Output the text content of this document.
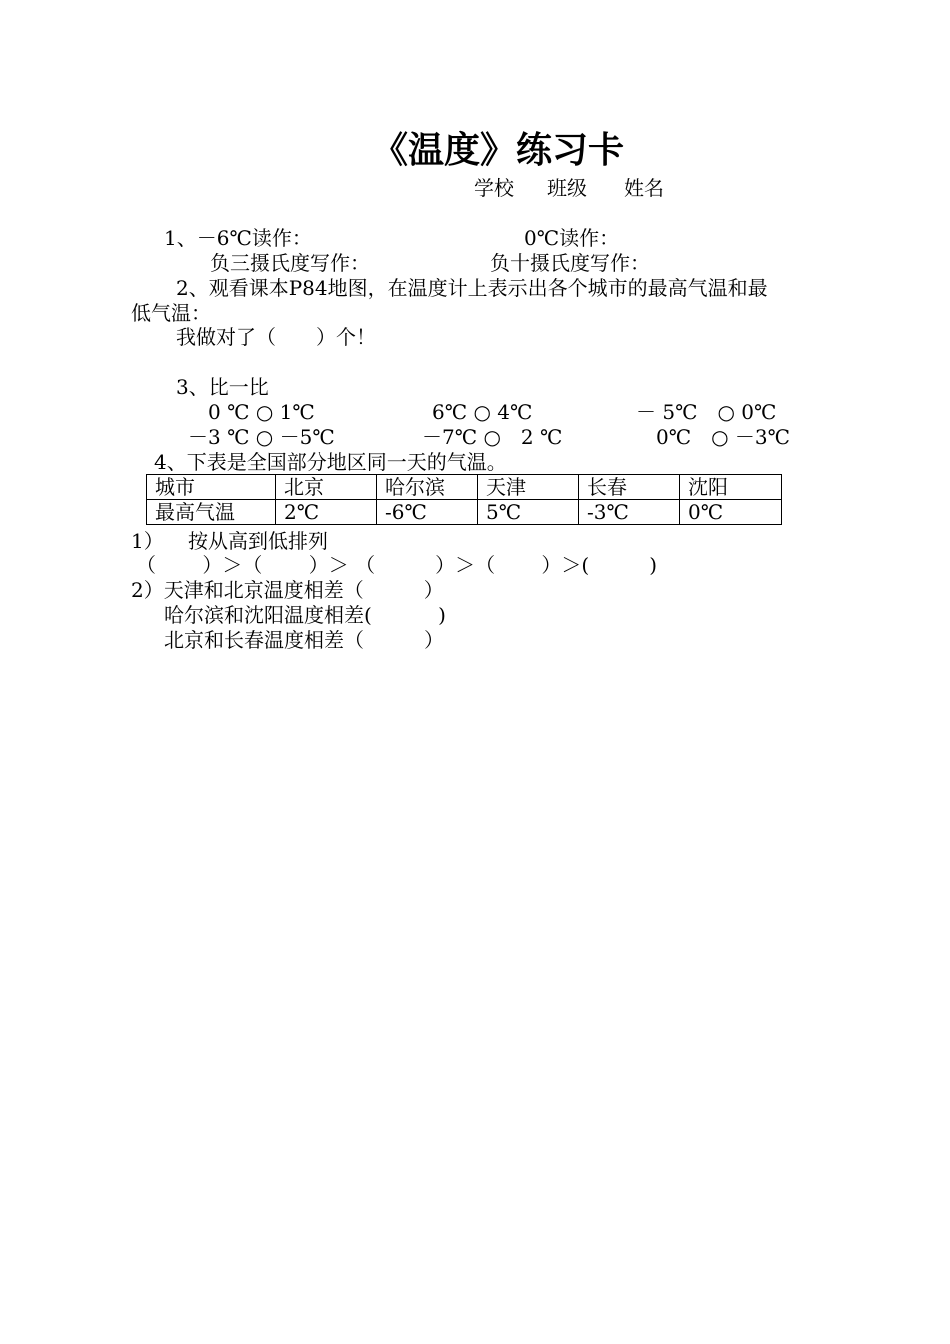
《温度》练习卡
学校 班级 姓名
1、－6℃读作：	0℃读作：
负三摄氏度写作：	负十摄氏度写作：
2、观看课本P84地图，在温度计上表示出各个城市的最高气温和最
低气温：
我做对了（　　）个！
3、比一比
0 ℃ ○ 1℃	6℃ ○ 4℃	－ 5℃　○ 0℃
－3 ℃ ○ －5℃	－7℃ ○　2 ℃	0℃　○ －3℃
4、下表是全国部分地区同一天的气温。
城市	北京	哈尔滨	天津	长春	沈阳
最高气温	2℃	-6℃	5℃	-3℃	0℃
1） 按从高到低排列
（　　 ）＞（　　 ）＞ （　　　）＞（　　 ）＞(　　　)
2）天津和北京温度相差（　　　）
哈尔滨和沈阳温度相差(　　　 )
北京和长春温度相差（　　　）
